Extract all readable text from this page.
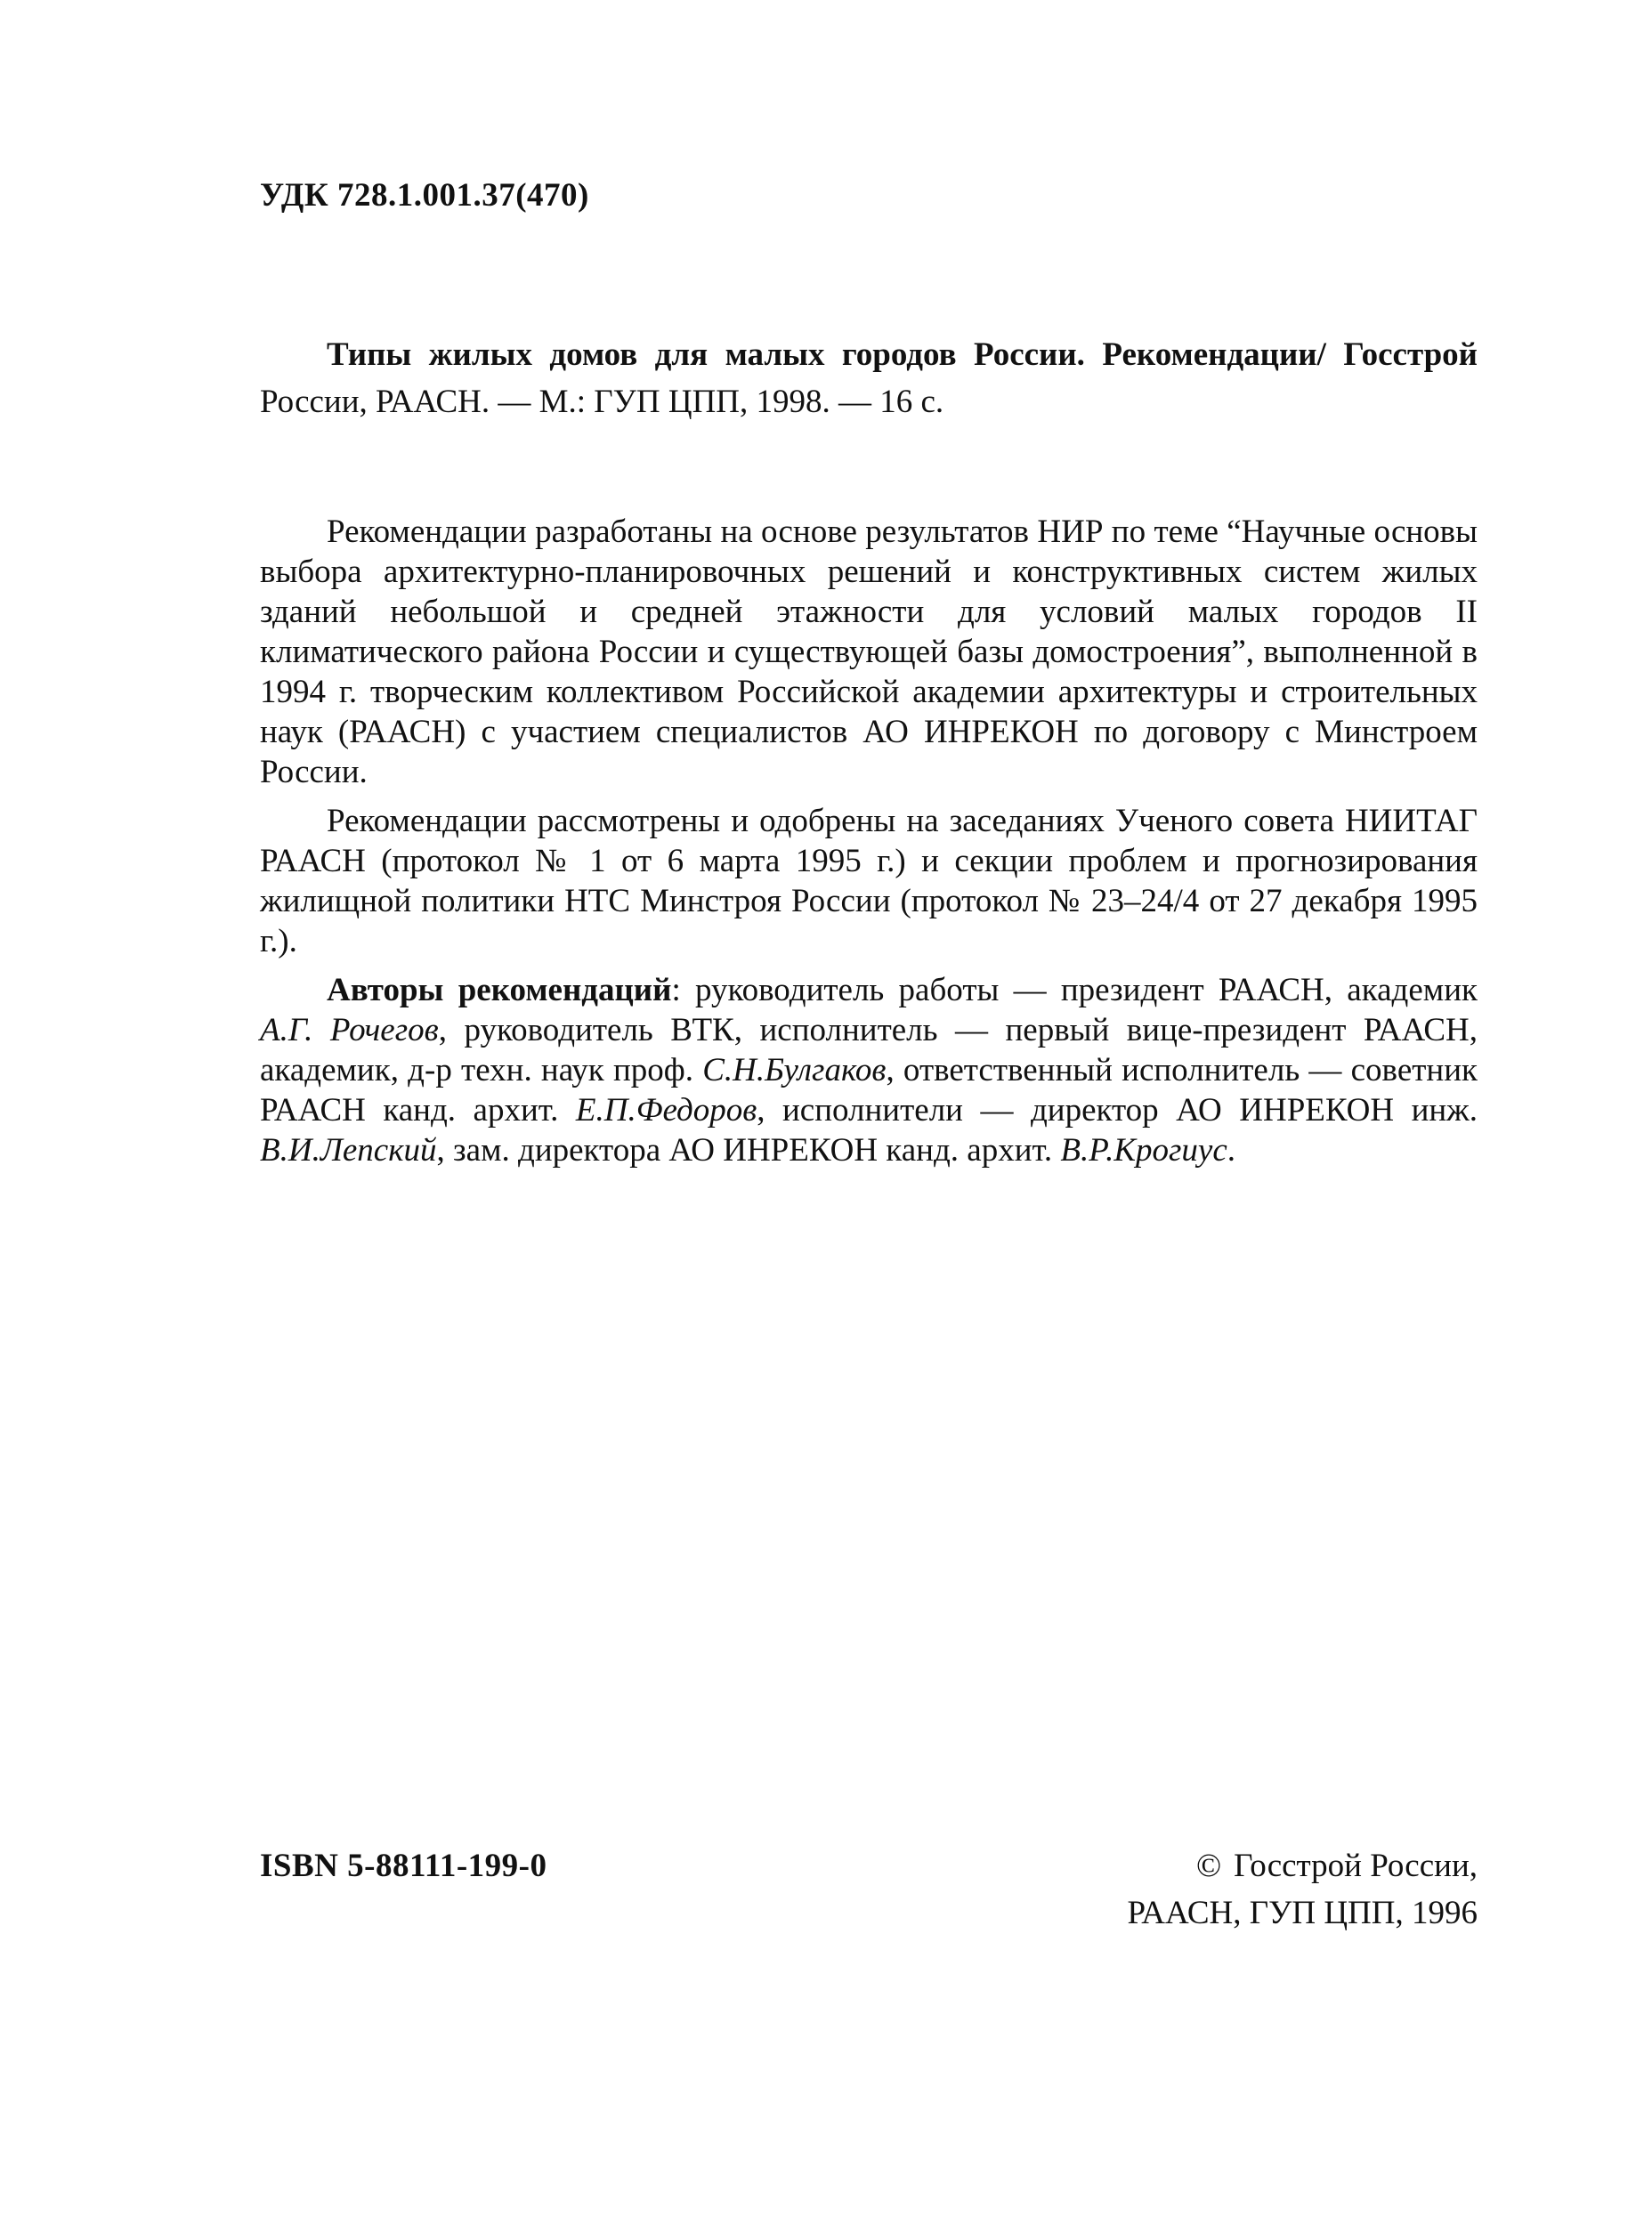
УДК 728.1.001.37(470)
Типы жилых домов для малых городов России. Рекомендации/ Госстрой России, РААСН. — М.: ГУП ЦПП, 1998. — 16 с.

Рекомендации разработаны на основе результатов НИР по теме “Научные основы выбора архитектурно-планировочных решений и конструктивных систем жилых зданий небольшой и средней этажности для условий малых городов II климатического района России и существующей базы домостроения”, выполненной в 1994 г. творческим коллективом Российской академии архитектуры и строительных наук (РААСН) с участием специалистов АО ИНРЕКОН по договору с Минстроем России.

Рекомендации рассмотрены и одобрены на заседаниях Ученого совета НИИТАГ РААСН (протокол № 1 от 6 марта 1995 г.) и секции проблем и прогнозирования жилищной политики НТС Минстроя России (протокол № 23–24/4 от 27 декабря 1995 г.).

Авторы рекомендаций: руководитель работы — президент РААСН, академик А.Г. Рочегов, руководитель ВТК, исполнитель — первый вице-президент РААСН, академик, д-р техн. наук проф. С.Н.Булгаков, ответственный исполнитель — советник РААСН канд. архит. Е.П.Федоров, исполнители — директор АО ИНРЕКОН инж. В.И.Лепский, зам. директора АО ИНРЕКОН канд. архит. В.Р.Крогиус.

ISBN 5-88111-199-0	© Госстрой России,
РААСН, ГУП ЦПП, 1996
